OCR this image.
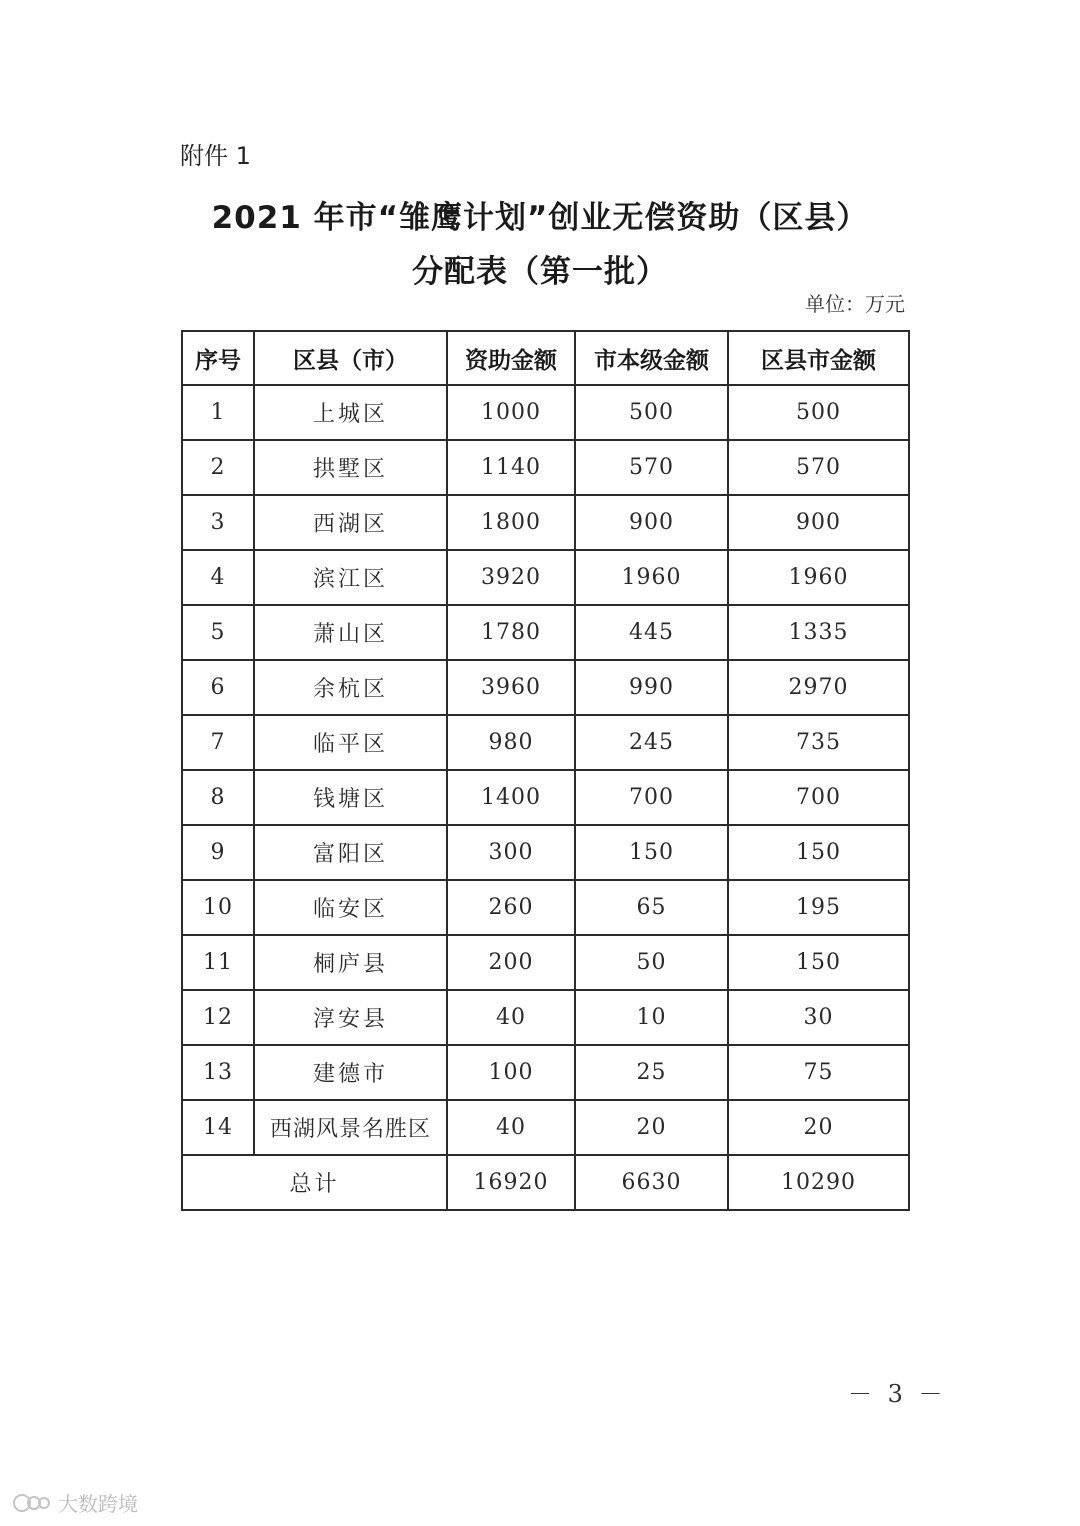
附件 1
2021 年市“雏鹰计划”创业无偿资助（区县）
分配表（第一批）
单位：万元
序号	区县（市）	资助金额	市本级金额	区县市金额
1	上城区	1000	500	500
2	拱墅区	1140	570	570
3	西湖区	1800	900	900
4	滨江区	3920	1960	1960
5	萧山区	1780	445	1335
6	余杭区	3960	990	2970
7	临平区	980	245	735
8	钱塘区	1400	700	700
9	富阳区	300	150	150
10	临安区	260	65	195
11	桐庐县	200	50	150
12	淳安县	40	10	30
13	建德市	100	25	75
14	西湖风景名胜区	40	20	20
总计		16920	6630	10290
－ 3 －
大数跨境
